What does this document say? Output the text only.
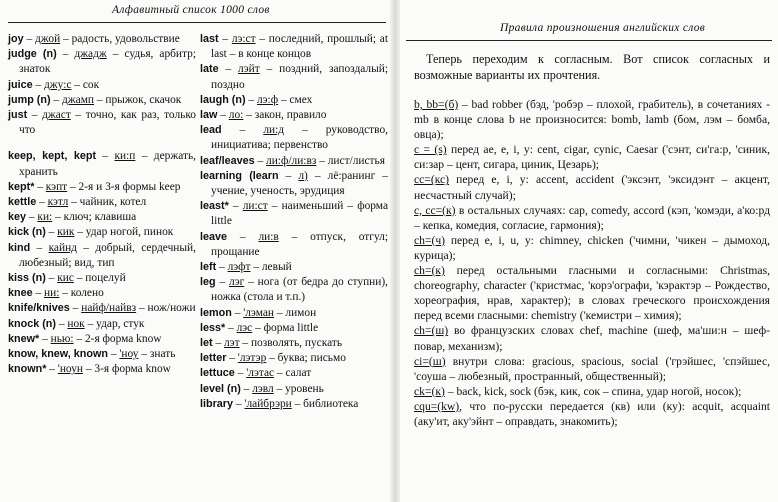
Алфавитный список 1000 слов
joy – джой – радость, удовольствие
judge (n) – джадж – судья, арбитр; знаток
juice – джу:с – сок
jump (n) – джамп – прыжок, скачок
just – джаст – точно, как раз, только что
keep, kept, kept – ки:п – держать, хранить
kept* – кэпт – 2-я и 3-я формы keep
kettle – кэтл – чайник, котел
key – ки: – ключ; клавиша
kick (n) – кик – удар ногой, пинок
kind – кайнд – добрый, сердечный, любезный; вид, тип
kiss (n) – кис – поцелуй
knee – ни: – колено
knife/knives – найф/найвз – нож/ножи
knock (n) – нок – удар, стук
knew* – нью: – 2-я форма know
know, knew, known – 'ноу – знать
known* – 'ноун – 3-я форма know
last – лэ:ст – последний, прошлый; at last – в конце концов
late – лэйт – поздний, запоздалый; поздно
laugh (n) – лэ:ф – смех
law – ло: – закон, правило
lead – ли:д – руководство, инициатива; первенство
leaf/leaves – ли:ф/ли:вз – лист/листья
learning (learn – л) – лё:ранинг – учение, ученость, эрудиция
least* – ли:ст – наименьший – форма little
leave – ли:в – отпуск, отгул; прощание
left – лэфт – левый
leg – лэг – нога (от бедра до ступни), ножка (стола и т.п.)
lemon – 'лэман – лимон
less* – лэс – форма little
let – лэт – позволять, пускать
letter – 'лэтэр – буква; письмо
lettuce – 'лэтас – салат
level (n) – лэвл – уровень
library – 'лайбрэри – библиотека
Правила произношения английских слов

Теперь переходим к согласным. Вот список согласных и возможные варианты их прочтения.

b, bb=(б) – bad robber (бэд, 'робэр – плохой, грабитель), в сочетаниях -mb в конце слова b не произносится: bomb, lamb (бом, лэм – бомба, овца);

c = (s) перед ae, e, i, y: cent, cigar, cynic, Caesar ('сэнт, си'га:р, 'синик, си:зар – цент, сигара, циник, Цезарь);

cc=(кс) перед e, i, y: accent, accident ('эксэнт, 'эксидэнт – акцент, несчастный случай);

c, cc=(к) в остальных случаях: cap, comedy, accord (кэп, 'комэди, а'ко:рд – кепка, комедия, согласие, гармония);

ch=(ч) перед e, i, u, y: chimney, chicken ('чимни, 'чикен – дымоход, курица);

ch=(к) перед остальными гласными и согласными: Christmas, choreography, character ('кристмас, 'корэ'ографи, 'кэрактэр – Рождество, хореография, нрав, характер); в словах греческого происхождения перед всеми гласными: chemistry ('кемистри – химия);

ch=(ш) во французских словах chef, machine (шеф, ма'ши:н – шеф-повар, механизм);

ci=(ш) внутри слова: gracious, spacious, social ('грэйшес, 'спэйшес, 'соуша – любезный, пространный, общественный);

ck=(к) – back, kick, sock (бэк, кик, сок – спина, удар ногой, носок);

cqu=(kw), что по-русски передается (кв) или (ку): acquit, acquaint (аку'ит, аку'эйнт – оправдать, знакомить);
